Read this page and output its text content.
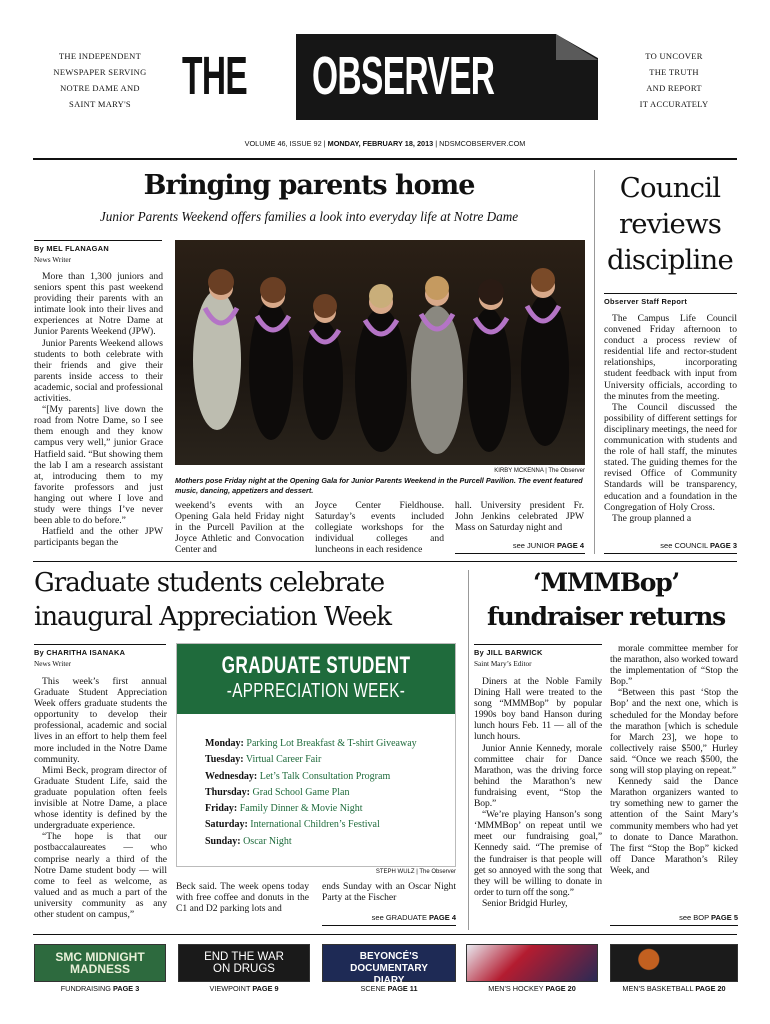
THE INDEPENDENT
NEWSPAPER SERVING
NOTRE DAME AND
SAINT MARY'S
TO UNCOVER
THE TRUTH
AND REPORT
IT ACCURATELY
THE OBSERVER
VOLUME 46, ISSUE 92 | MONDAY, FEBRUARY 18, 2013 | NDSMCOBSERVER.COM
Bringing parents home
Junior Parents Weekend offers families a look into everyday life at Notre Dame
By MEL FLANAGAN
News Writer

More than 1,300 juniors and seniors spent this past weekend providing their parents with an intimate look into their lives and experiences at Notre Dame at Junior Parents Weekend (JPW).

Junior Parents Weekend allows students to both celebrate with their friends and give their parents inside access to their academic, social and professional activities.

“[My parents] live down the road from Notre Dame, so I see them enough and they know campus very well,” junior Grace Hatfield said. “But showing them the lab I am a research assistant at, introducing them to my favorite professors and just hanging out where I love and study were things I’ve never been able to do before.”

Hatfield and the other JPW participants began the

KIRBY MCKENNA | The Observer
Mothers pose Friday night at the Opening Gala for Junior Parents Weekend in the Purcell Pavilion. The event featured music, dancing, appetizers and dessert.
weekend’s events with an Opening Gala held Friday night in the Purcell Pavilion at the Joyce Athletic and Convocation Center and
Joyce Center Fieldhouse. Saturday’s events included collegiate workshops for the individual colleges and luncheons in each residence
hall. University president Fr. John Jenkins celebrated JPW Mass on Saturday night and
see JUNIOR PAGE 4
Council reviews discipline
Observer Staff Report

The Campus Life Council convened Friday afternoon to conduct a process review of residential life and rector-student relationships, incorporating student feedback with input from University officials, according to the minutes from the meeting.

The Council discussed the possibility of different settings for disciplinary meetings, the need for communication with students and the role of hall staff, the minutes stated. The guiding themes for the revised Office of Community Standards will be transparency, education and a foundation in the Congregation of Holy Cross.

The group planned a

see COUNCIL PAGE 3
Graduate students celebrate inaugural Appreciation Week
By CHARITHA ISANAKA
News Writer

This week’s first annual Graduate Student Appreciation Week offers graduate students the opportunity to develop their professional, academic and social lives in an effort to help them feel more included in the Notre Dame community.

Mimi Beck, program director of Graduate Student Life, said the graduate population often feels invisible at Notre Dame, a place whose identity is defined by the undergraduate experience.

“The hope is that our postbaccalaureates — who comprise nearly a third of the Notre Dame student body — will come to feel as welcome, as valued and as much a part of the university community as any other student on campus,”

GRADUATE STUDENT
-APPRECIATION WEEK-
Monday: Parking Lot Breakfast & T-shirt Giveaway
Tuesday: Virtual Career Fair
Wednesday: Let’s Talk Consultation Program
Thursday: Grad School Game Plan
Friday: Family Dinner & Movie Night
Saturday: International Children’s Festival
Sunday: Oscar Night
STEPH WULZ | The Observer
Beck said. The week opens today with free coffee and donuts in the C1 and D2 parking lots and
ends Sunday with an Oscar Night Party at the Fischer
see GRADUATE PAGE 4
‘MMMBop’ fundraiser returns
By JILL BARWICK
Saint Mary’s Editor

Diners at the Noble Family Dining Hall were treated to the song “MMMBop” by popular 1990s boy band Hanson during lunch hours Feb. 11 — all of the lunch hours.

Junior Annie Kennedy, morale committee chair for Dance Marathon, was the driving force behind the Marathon’s new fundraising event, “Stop the Bop.”

“We’re playing Hanson’s song ‘MMMBop’ on repeat until we meet our fundraising goal,” Kennedy said. “The premise of the fundraiser is that people will get so annoyed with the song that they will be willing to donate in order to turn off the song.”

Senior Bridgid Hurley,

morale committee member for the marathon, also worked toward the implementation of “Stop the Bop.”

“Between this past ‘Stop the Bop’ and the next one, which is scheduled for the Monday before the marathon [which is schedule for March 23], we hope to collectively raise $500,” Hurley said. “Once we reach $500, the song will stop playing on repeat.”

Kennedy said the Dance Marathon organizers wanted to try something new to garner the attention of the Saint Mary’s community members who had yet to donate to Dance Marathon. The first “Stop the Bop” kicked off Dance Marathon’s Riley Week, and

see BOP PAGE 5
SMC MIDNIGHT MADNESS
END THE WAR ON DRUGS
BEYONCÉ'S DOCUMENTARY DIARY
FUNDRAISING PAGE 3	VIEWPOINT PAGE 9	SCENE PAGE 11	MEN'S HOCKEY PAGE 20	MEN'S BASKETBALL PAGE 20
